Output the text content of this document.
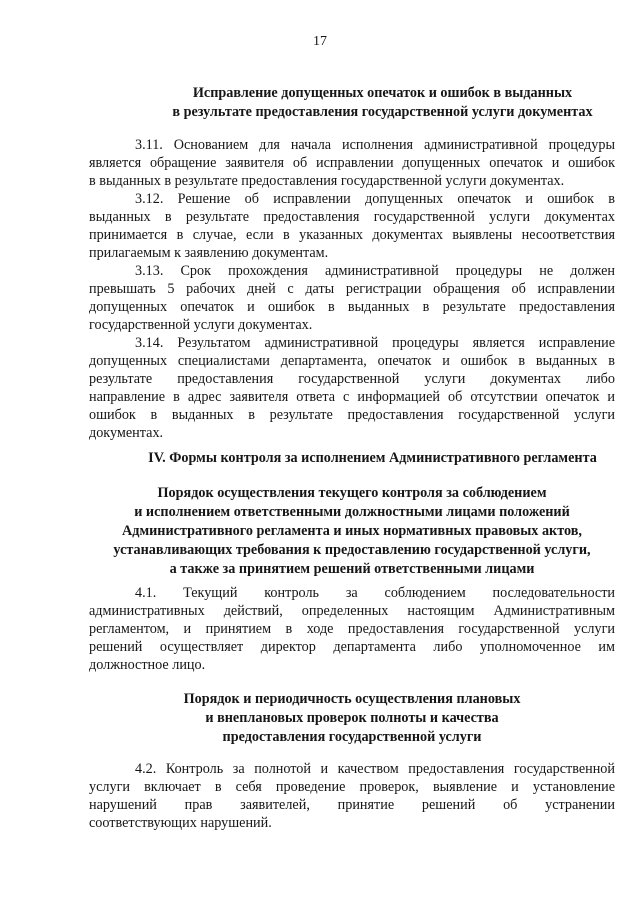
17
Исправление допущенных опечаток и ошибок в выданных
в результате предоставления государственной услуги документах
3.11. Основанием для начала исполнения административной процедуры
является обращение заявителя об исправлении допущенных опечаток и ошибок
в выданных в результате предоставления государственной услуги документах.
3.12. Решение об исправлении допущенных опечаток и ошибок в
выданных в результате предоставления государственной услуги документах
принимается в случае, если в указанных документах выявлены несоответствия
прилагаемым к заявлению документам.
3.13. Срок прохождения административной процедуры не должен
превышать 5 рабочих дней с даты регистрации обращения об исправлении
допущенных опечаток и ошибок в выданных в результате предоставления
государственной услуги документах.
3.14. Результатом административной процедуры является исправление
допущенных специалистами департамента, опечаток и ошибок в выданных в
результате предоставления государственной услуги документах либо
направление в адрес заявителя ответа с информацией об отсутствии опечаток и
ошибок в выданных в результате предоставления государственной услуги
документах.
IV. Формы контроля за исполнением Административного регламента
Порядок осуществления текущего контроля за соблюдением
и исполнением ответственными должностными лицами положений
Административного регламента и иных нормативных правовых актов,
устанавливающих требования к предоставлению государственной услуги,
а также за принятием решений ответственными лицами
4.1. Текущий контроль за соблюдением последовательности
административных действий, определенных настоящим Административным
регламентом, и принятием в ходе предоставления государственной услуги
решений осуществляет директор департамента либо уполномоченное им
должностное лицо.
Порядок и периодичность осуществления плановых
и внеплановых проверок полноты и качества
предоставления государственной услуги
4.2. Контроль за полнотой и качеством предоставления государственной
услуги включает в себя проведение проверок, выявление и установление
нарушений прав заявителей, принятие решений об устранении
соответствующих нарушений.
